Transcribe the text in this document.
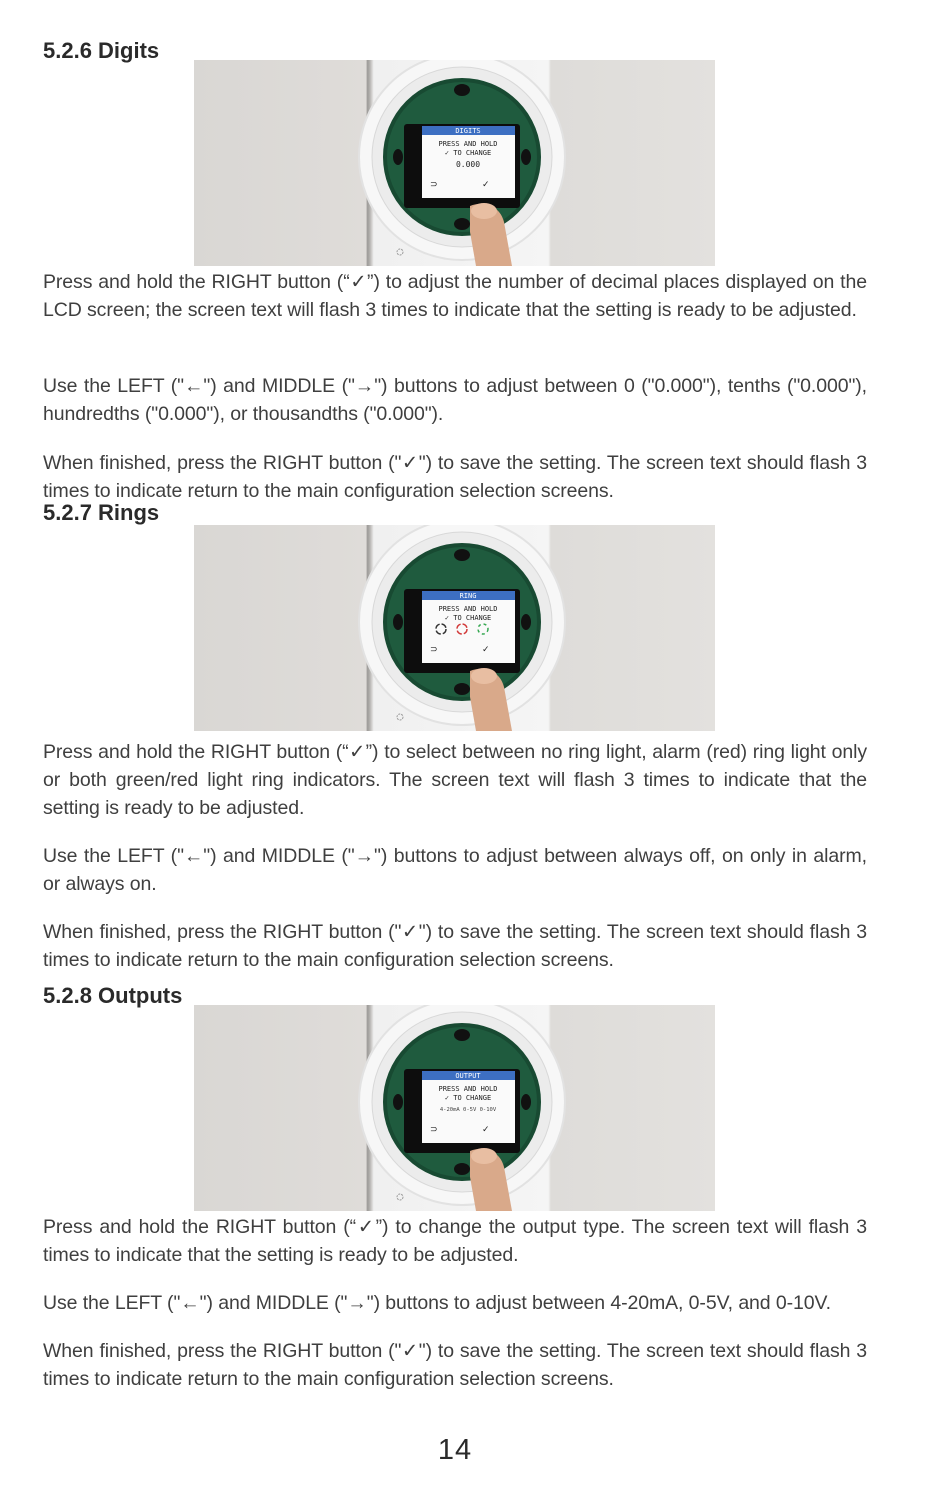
5.2.6 Digits
DIGITS
PRESS AND HOLD
✓ TO CHANGE
0.000
⊃	✓

Press and hold the RIGHT button (“✓”) to adjust the number of decimal places displayed on the LCD screen; the screen text will flash 3 times to indicate that the setting is ready to be adjusted.

Use the LEFT ("←") and MIDDLE ("→") buttons to adjust between 0 ("0.000"), tenths ("0.000"), hundredths ("0.000"), or thousandths ("0.000").

When finished, press the RIGHT button ("✓") to save the setting. The screen text should flash 3 times to indicate return to the main configuration selection screens.

5.2.7 Rings
RING
PRESS AND HOLD
✓ TO CHANGE
⊃	✓

Press and hold the RIGHT button (“✓”) to select between no ring light, alarm (red) ring light only or both green/red light ring indicators. The screen text will flash 3 times to indicate that the setting is ready to be adjusted.

Use the LEFT ("←") and MIDDLE ("→") buttons to adjust between always off, on only in alarm, or always on.

When finished, press the RIGHT button ("✓") to save the setting. The screen text should flash 3 times to indicate return to the main configuration selection screens.

5.2.8 Outputs
OUTPUT
PRESS AND HOLD
✓ TO CHANGE
4-20mA 0-5V 0-10V
⊃	✓

Press and hold the RIGHT button (“✓”) to change the output type. The screen text will flash 3 times to indicate that the setting is ready to be adjusted.

Use the LEFT ("←") and MIDDLE ("→") buttons to adjust between 4-20mA, 0-5V, and 0-10V.

When finished, press the RIGHT button ("✓") to save the setting. The screen text should flash 3 times to indicate return to the main configuration selection screens.

14
